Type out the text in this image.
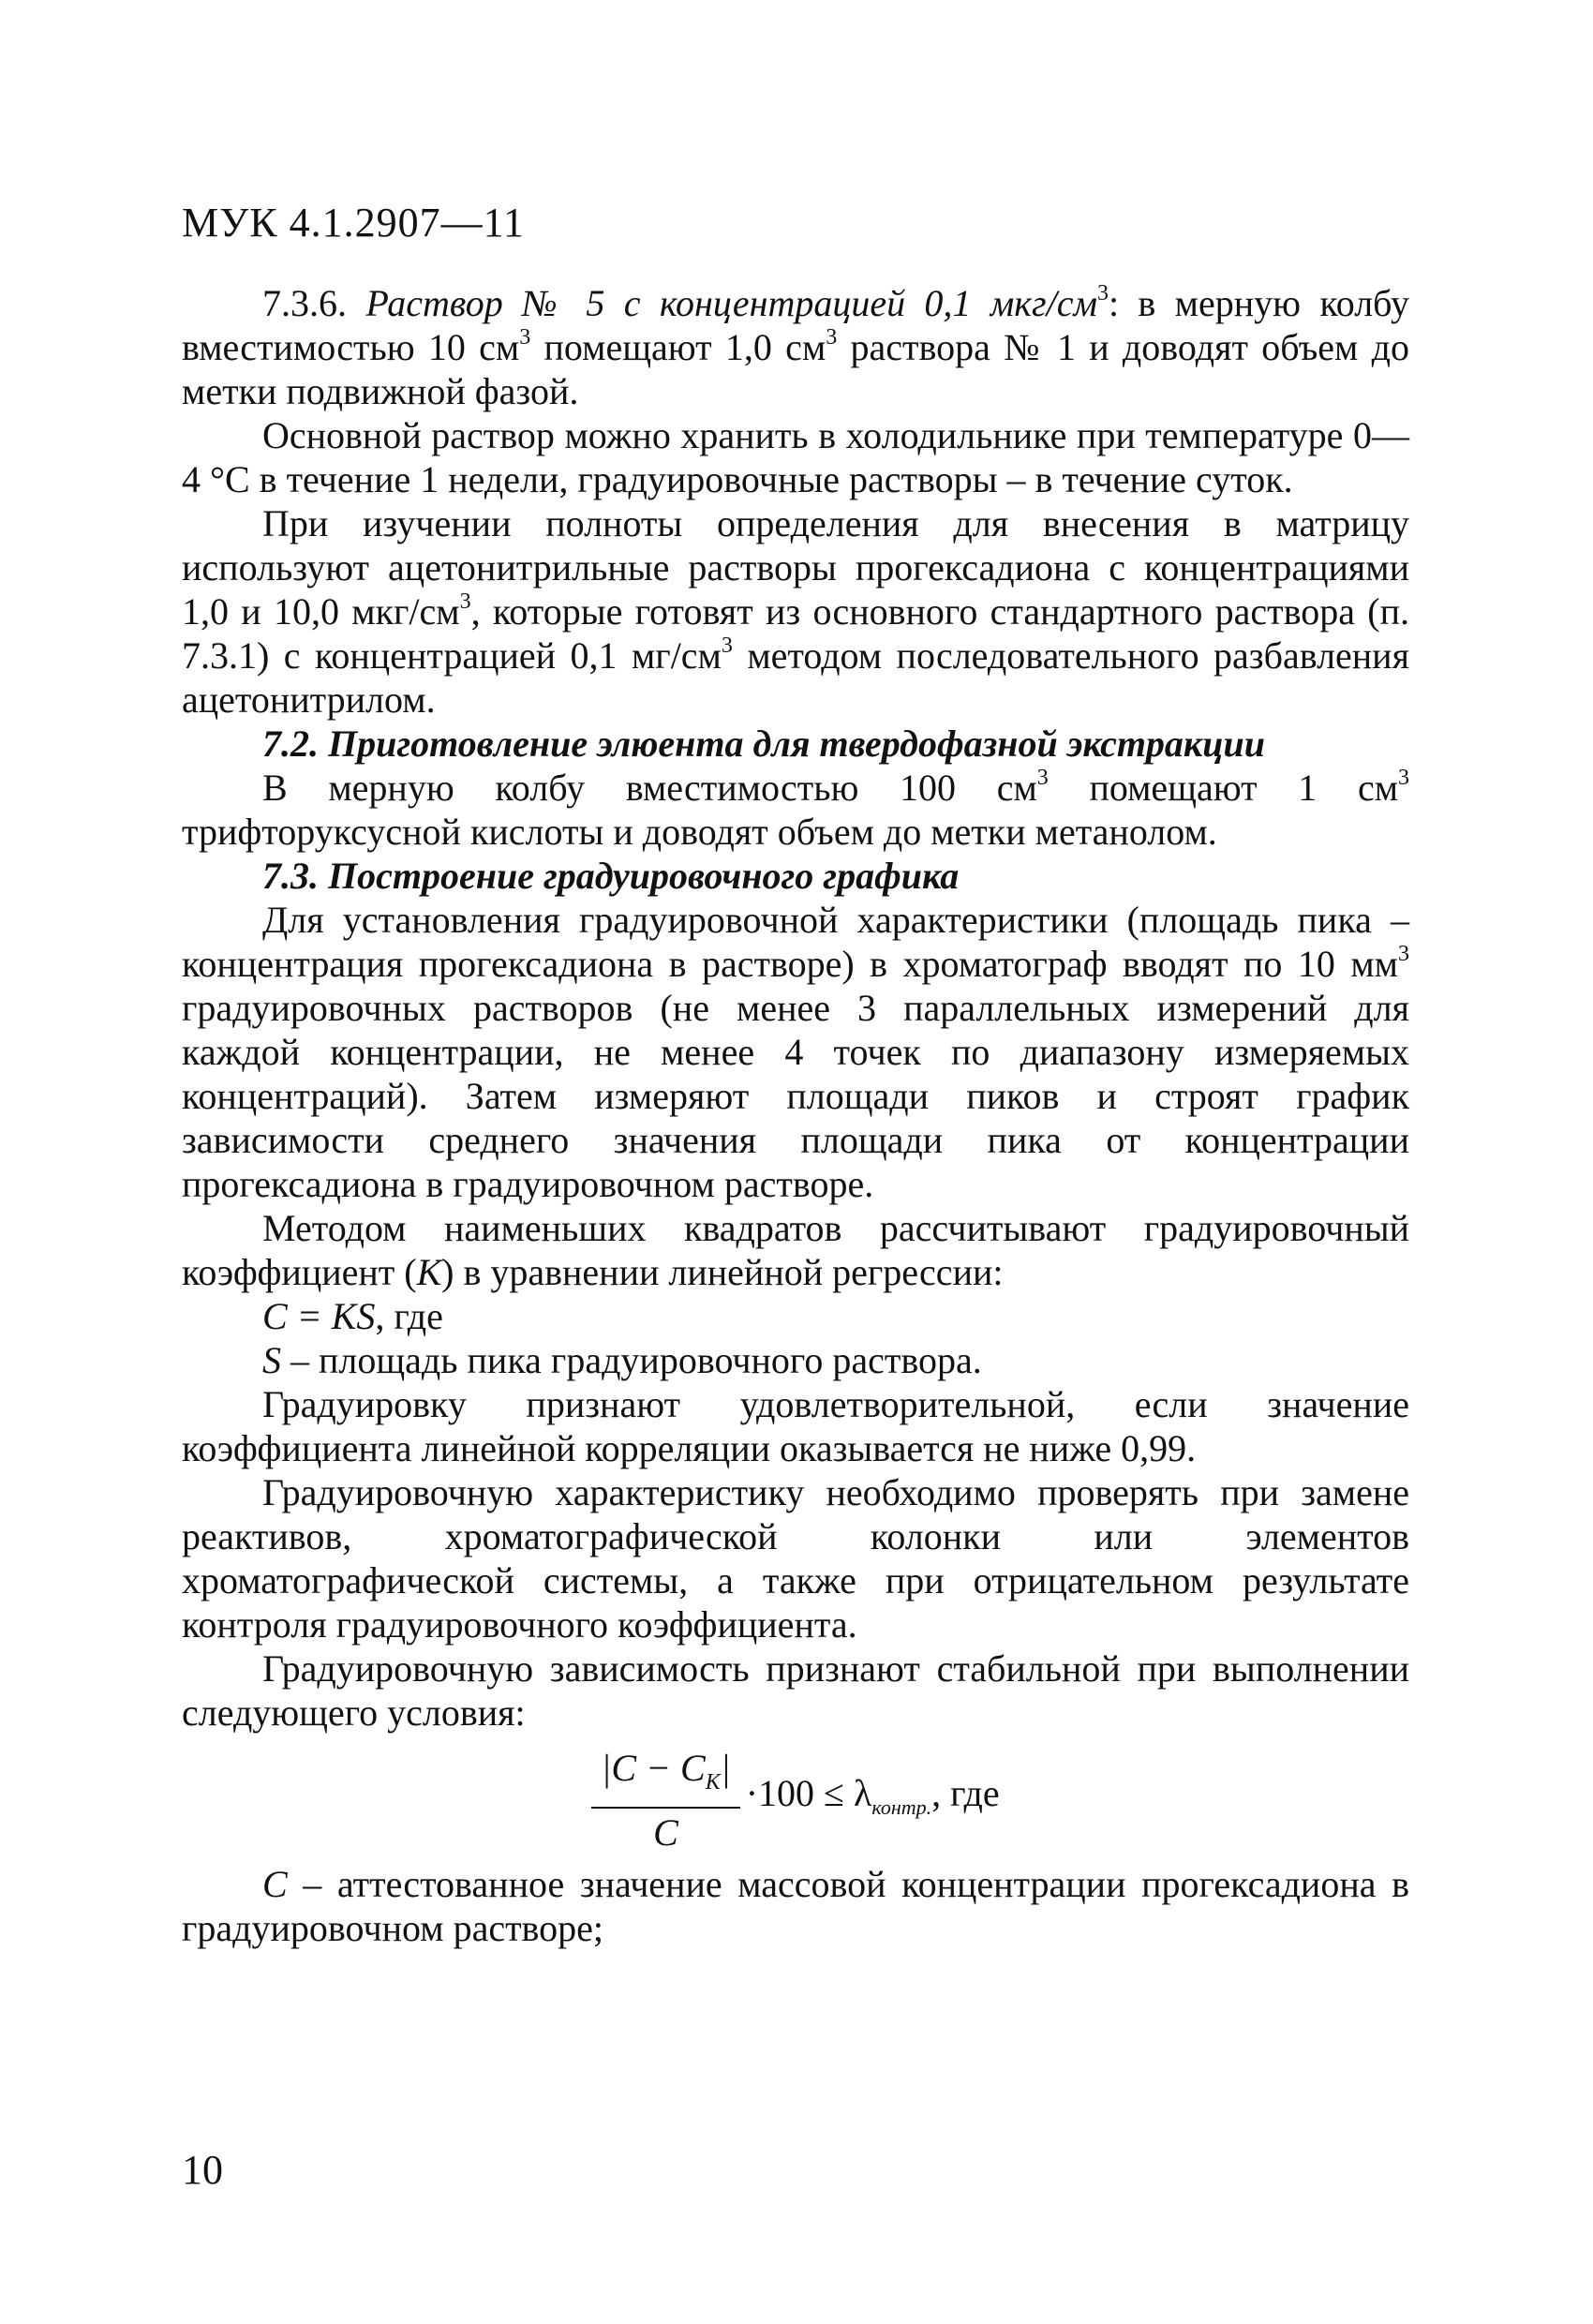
МУК 4.1.2907—11

7.3.6. Раствор № 5 с концентрацией 0,1 мкг/$см^3$: в мерную колбу вместимостью 10 $см^3$ помещают 1,0 $см^3$ раствора № 1 и доводят объем до метки подвижной фазой.

Основной раствор можно хранить в холодильнике при температуре 0—4 °С в течение 1 недели, градуировочные растворы – в течение суток.

При изучении полноты определения для внесения в матрицу используют ацетонитрильные растворы прогексадиона с концентрациями 1,0 и 10,0 мкг/$см^3$, которые готовят из основного стандартного раствора (п. 7.3.1) с концентрацией 0,1 $мг/см^3$ методом последовательного разбавления ацетонитрилом.

7.2. Приготовление элюента для твердофазной экстракции

В мерную колбу вместимостью 100 $см^3$ помещают 1 $см^3$ трифторуксусной кислоты и доводят объем до метки метанолом.

7.3. Построение градуировочного графика

Для установления градуировочной характеристики (площадь пика – концентрация прогексадиона в растворе) в хроматограф вводят по 10 $мм^3$ градуировочных растворов (не менее 3 параллельных измерений для каждой концентрации, не менее 4 точек по диапазону измеряемых концентраций). Затем измеряют площади пиков и строят график зависимости среднего значения площади пика от концентрации прогексадиона в градуировочном растворе.

Методом наименьших квадратов рассчитывают градуировочный коэффициент (К) в уравнении линейной регрессии:

C = KS, где

S – площадь пика градуировочного раствора.

Градуировку признают удовлетворительной, если значение коэффициента линейной корреляции оказывается не ниже 0,99.

Градуировочную характеристику необходимо проверять при замене реактивов, хроматографической колонки или элементов хроматографической системы, а также при отрицательном результате контроля градуировочного коэффициента.

Градуировочную зависимость признают стабильной при выполнении следующего условия:

$\frac{|C - C_K|}{C} \cdot 100 \le \lambda_{контр.}$, где

С – аттестованное значение массовой концентрации прогексадиона в градуировочном растворе;

10
